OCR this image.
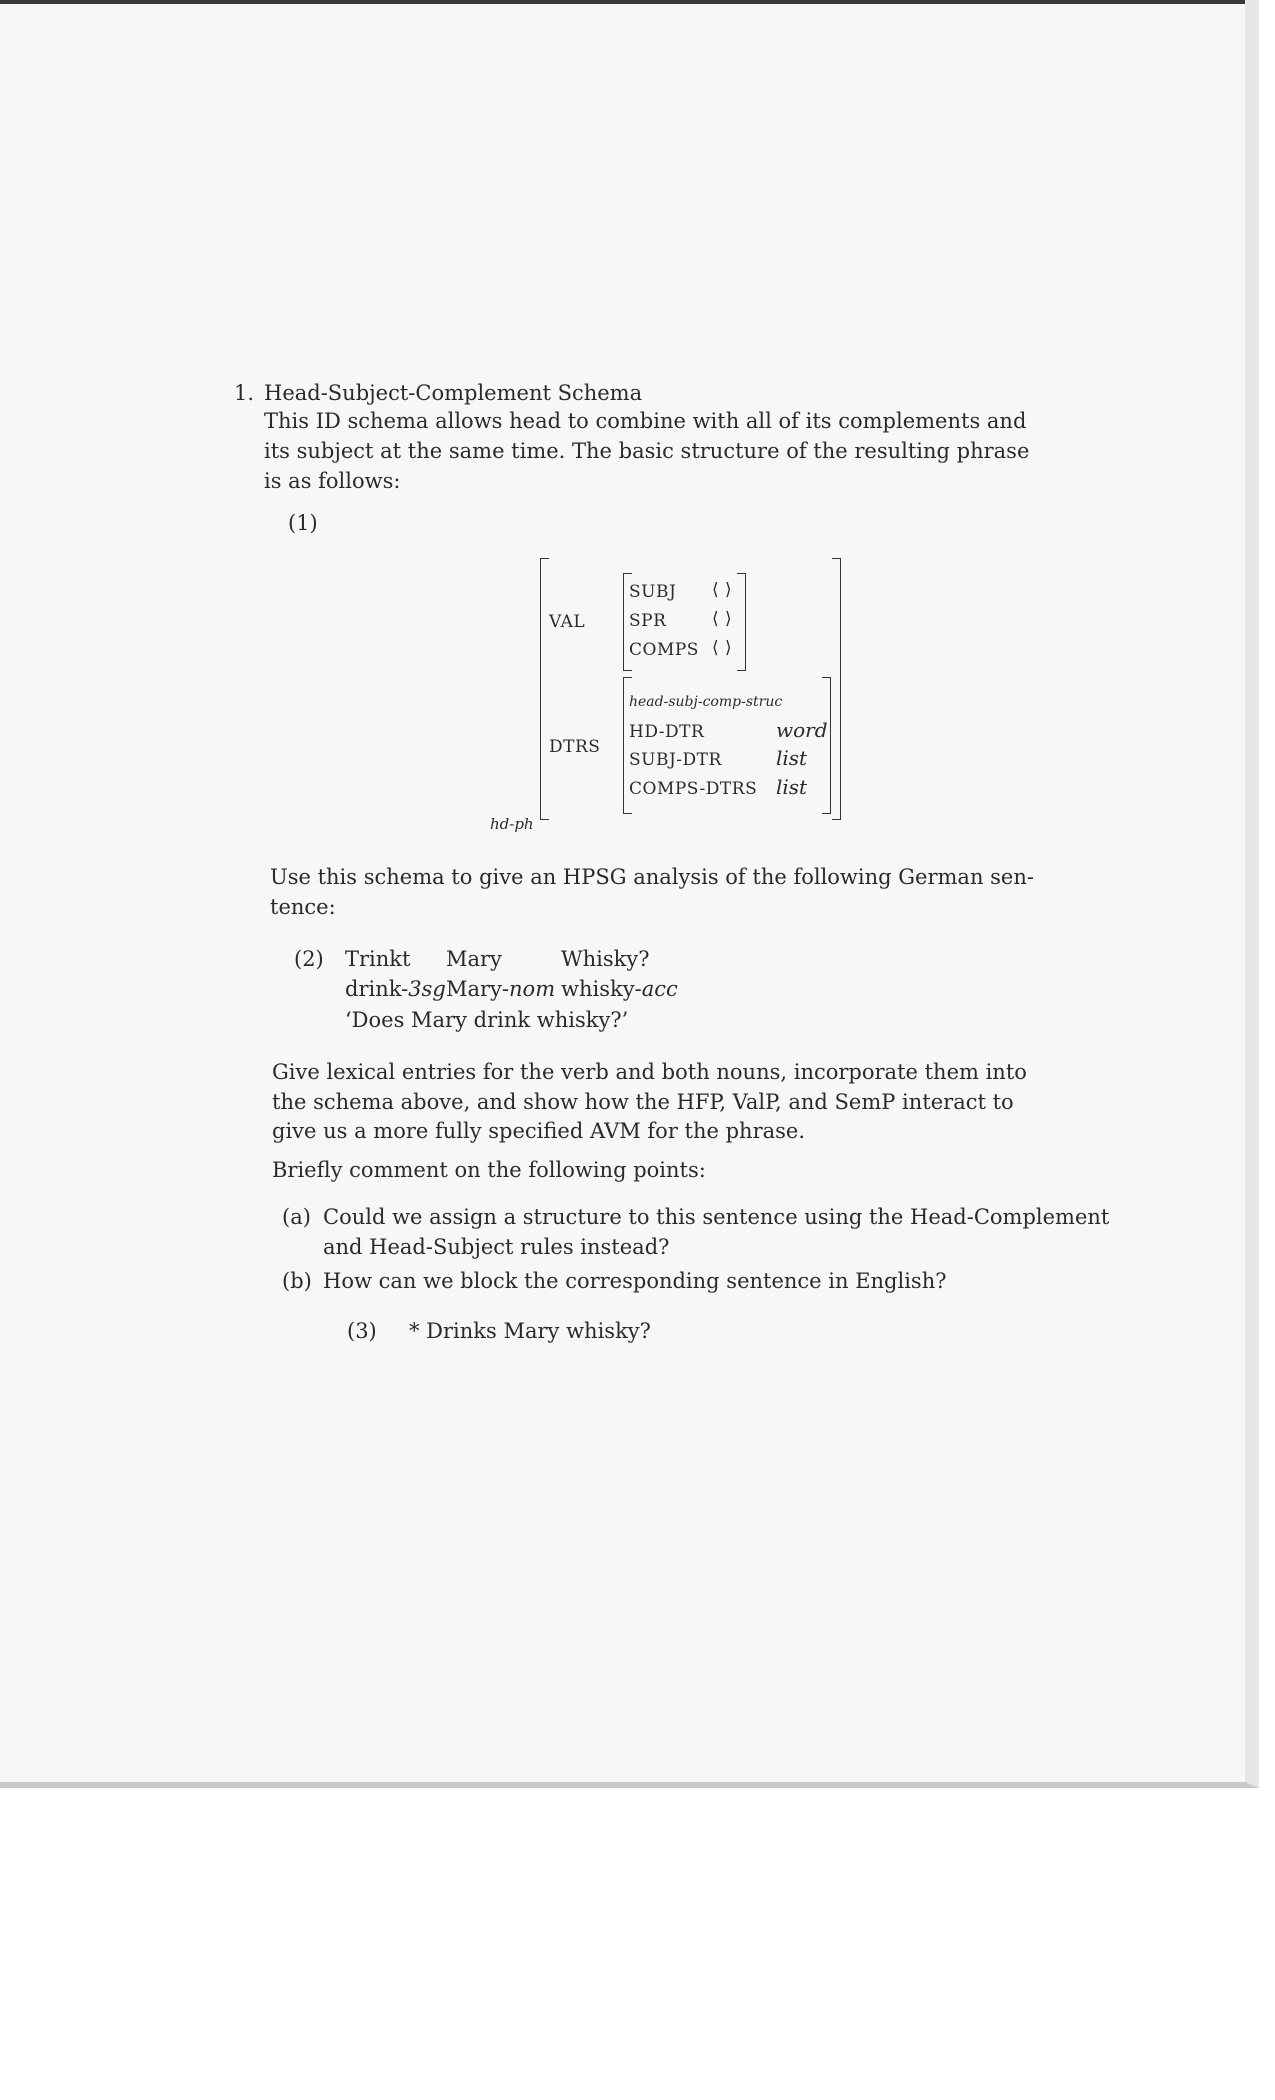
1. Head-Subject-Complement Schema
This ID schema allows head to combine with all of its complements and
its subject at the same time. The basic structure of the resulting phrase
is as follows:
(1)
hd-ph
VAL
SUBJ ⟨ ⟩
SPR	⟨ ⟩
COMPS ⟨ ⟩
DTRS
head-subj-comp-struc
HD-DTR	word
SUBJ-DTR	list
COMPS-DTRS list
Use this schema to give an HPSG analysis of the following German sen-
tence:
(2) Trinkt Mary	Whisky?
drink-3sg Mary-nom whisky-acc
‘Does Mary drink whisky?’
Give lexical entries for the verb and both nouns, incorporate them into
the schema above, and show how the HFP, ValP, and SemP interact to
give us a more fully specified AVM for the phrase.
Briefly comment on the following points:
(a) Could we assign a structure to this sentence using the Head-Complement
and Head-Subject rules instead?
(b) How can we block the corresponding sentence in English?
(3) * Drinks Mary whisky?
